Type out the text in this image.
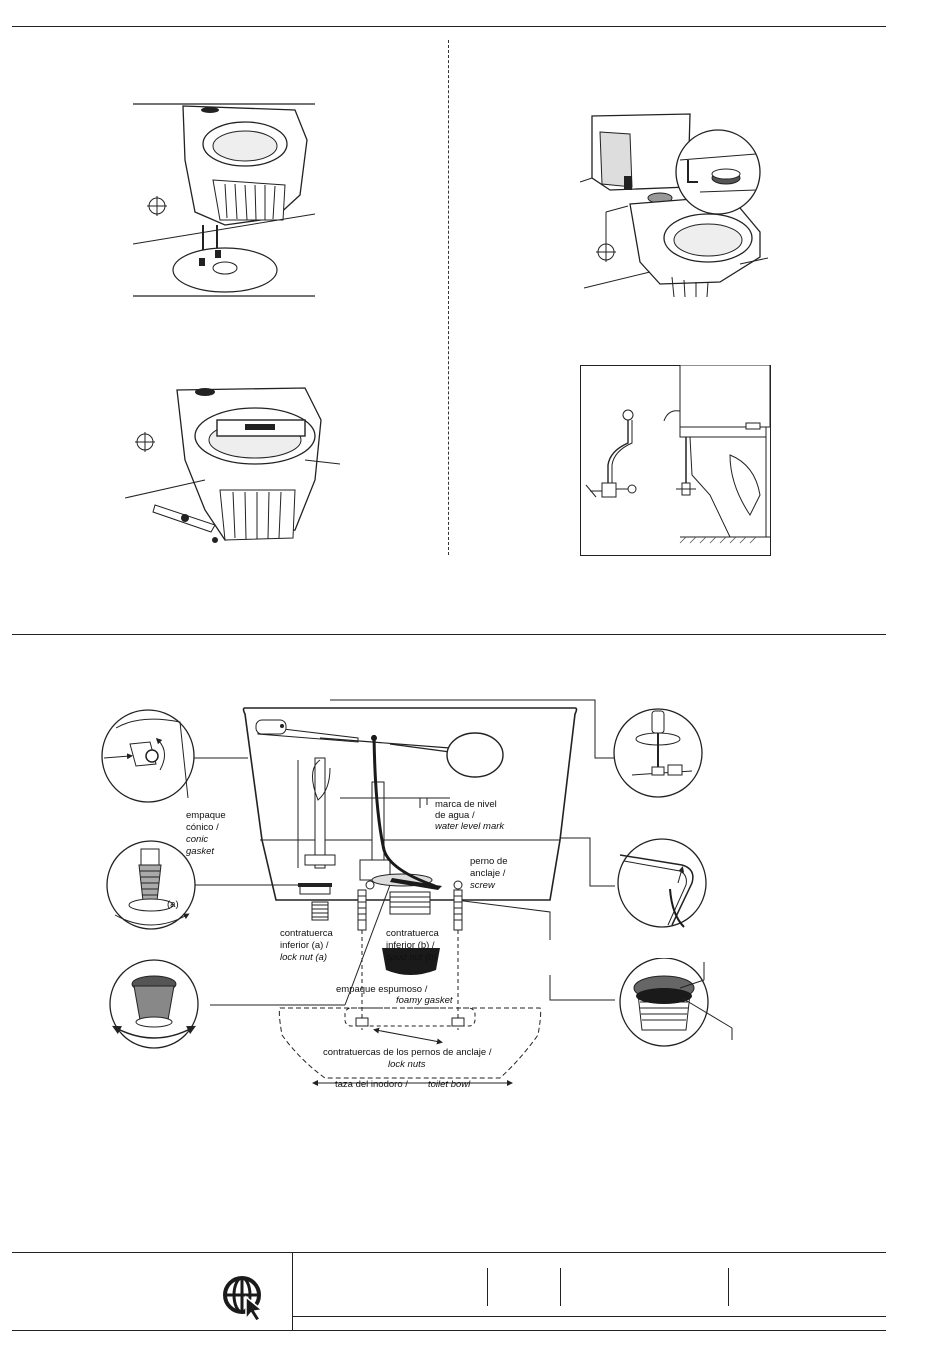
empaque
cónico /
conic
gasket
marca de nivel
de agua /
water level mark
perno de
anclaje /
screw
contratuerca
inferior (a) /
lock nut (a)
contratuerca
inferior (b) /
spud nut (b)
empaque espumoso /
foamy gasket
contratuercas de los pernos de anclaje /
lock nuts
taza del inodoro / toilet bowl
(a)
